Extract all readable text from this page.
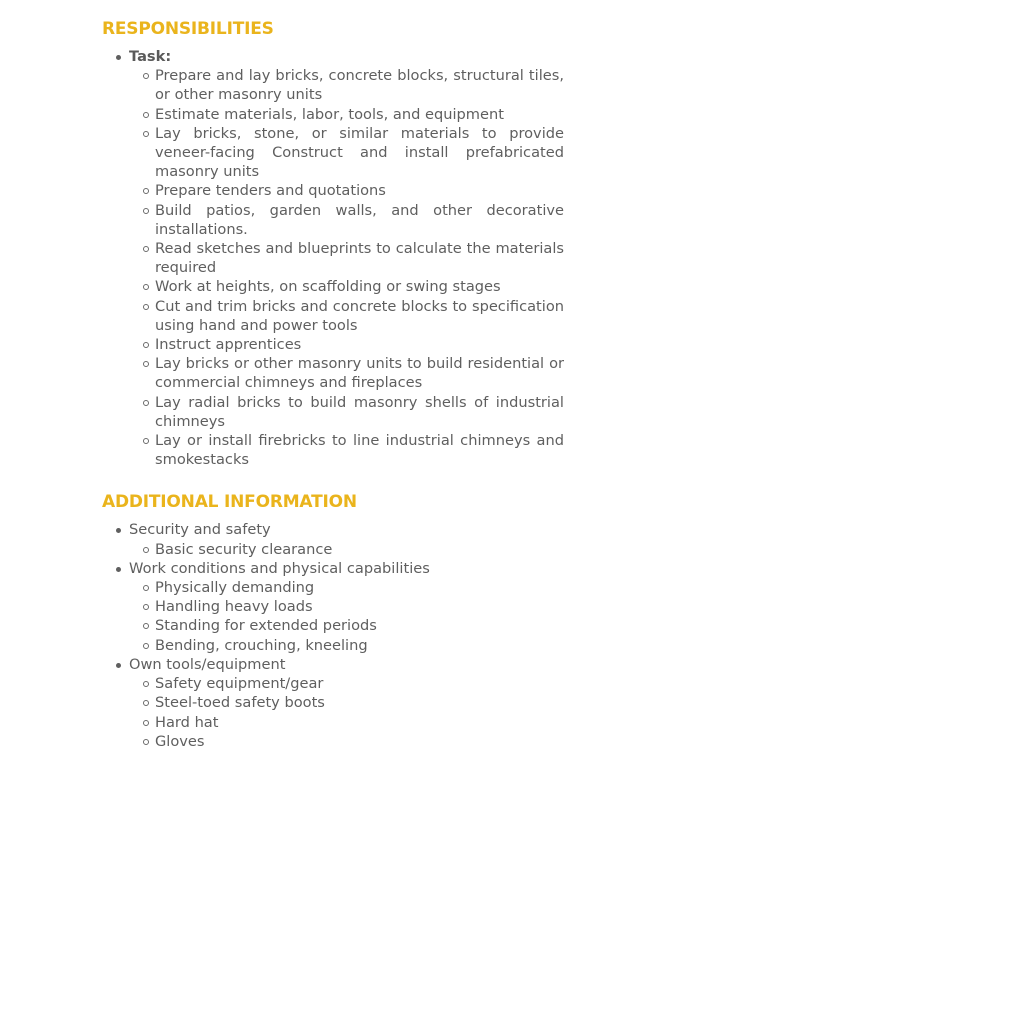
RESPONSIBILITIES
Task:
Prepare and lay bricks, concrete blocks, structural tiles, or other masonry units
Estimate materials, labor, tools, and equipment
Lay bricks, stone, or similar materials to provide veneer-facing Construct and install prefabricated masonry units
Prepare tenders and quotations
Build patios, garden walls, and other decorative installations.
Read sketches and blueprints to calculate the materials required
Work at heights, on scaffolding or swing stages
Cut and trim bricks and concrete blocks to specification using hand and power tools
Instruct apprentices
Lay bricks or other masonry units to build residential or commercial chimneys and fireplaces
Lay radial bricks to build masonry shells of industrial chimneys
Lay or install firebricks to line industrial chimneys and smokestacks
ADDITIONAL INFORMATION
Security and safety
Basic security clearance
Work conditions and physical capabilities
Physically demanding
Handling heavy loads
Standing for extended periods
Bending, crouching, kneeling
Own tools/equipment
Safety equipment/gear
Steel-toed safety boots
Hard hat
Gloves
